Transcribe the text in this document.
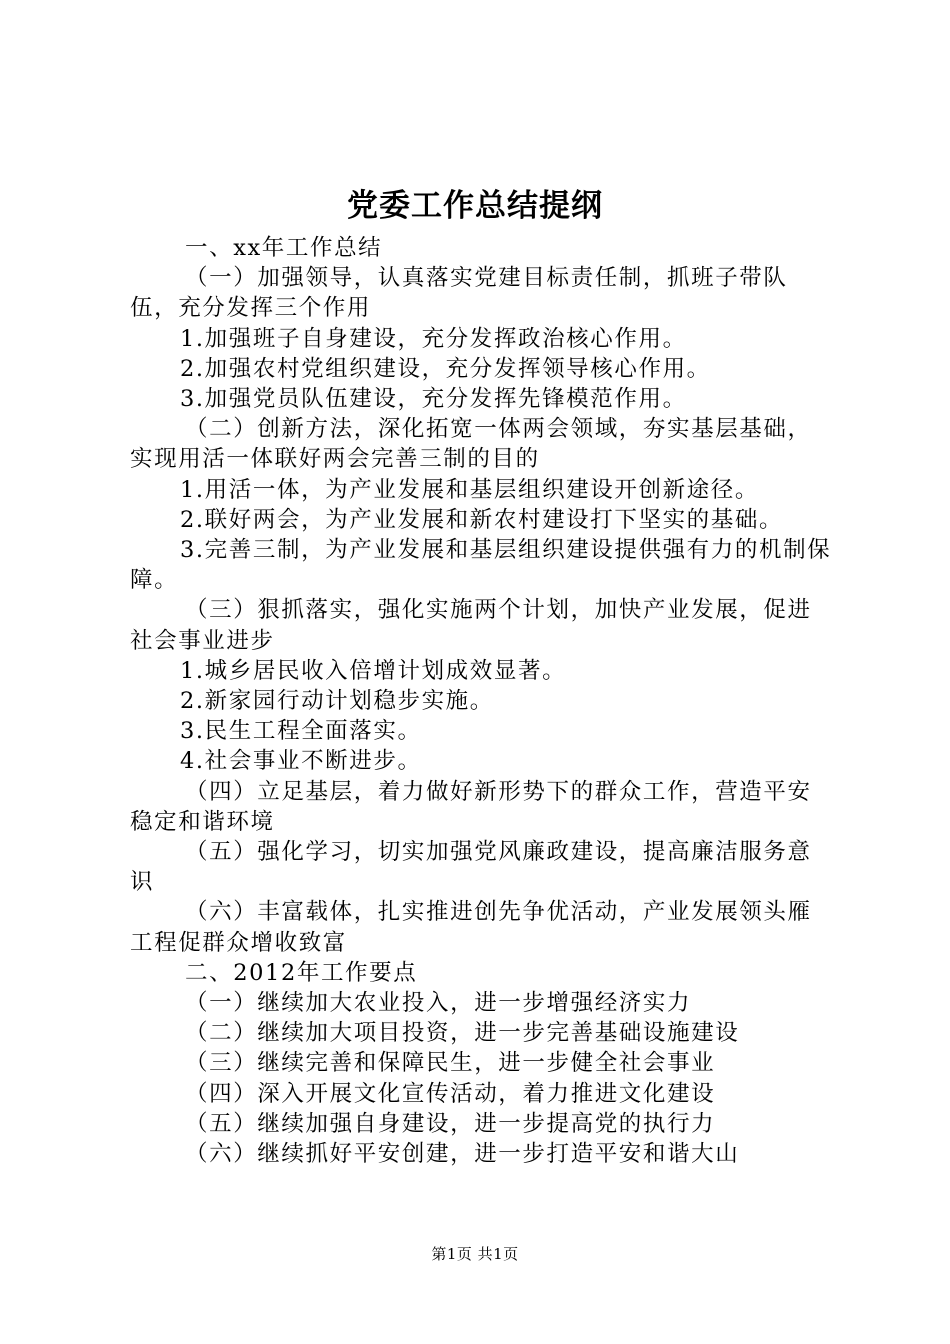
党委工作总结提纲

一、xx年工作总结

（一）加强领导，认真落实党建目标责任制，抓班子带队伍，充分发挥三个作用

1.加强班子自身建设，充分发挥政治核心作用。

2.加强农村党组织建设，充分发挥领导核心作用。

3.加强党员队伍建设，充分发挥先锋模范作用。

（二）创新方法，深化拓宽一体两会领域，夯实基层基础，实现用活一体联好两会完善三制的目的

1.用活一体，为产业发展和基层组织建设开创新途径。

2.联好两会，为产业发展和新农村建设打下坚实的基础。

3.完善三制，为产业发展和基层组织建设提供强有力的机制保障。

（三）狠抓落实，强化实施两个计划，加快产业发展，促进社会事业进步

1.城乡居民收入倍增计划成效显著。

2.新家园行动计划稳步实施。

3.民生工程全面落实。

4.社会事业不断进步。

（四）立足基层，着力做好新形势下的群众工作，营造平安稳定和谐环境

（五）强化学习，切实加强党风廉政建设，提高廉洁服务意识

（六）丰富载体，扎实推进创先争优活动，产业发展领头雁工程促群众增收致富

二、2012年工作要点

（一）继续加大农业投入，进一步增强经济实力

（二）继续加大项目投资，进一步完善基础设施建设

（三）继续完善和保障民生，进一步健全社会事业

（四）深入开展文化宣传活动，着力推进文化建设

（五）继续加强自身建设，进一步提高党的执行力

（六）继续抓好平安创建，进一步打造平安和谐大山

第1页 共1页
